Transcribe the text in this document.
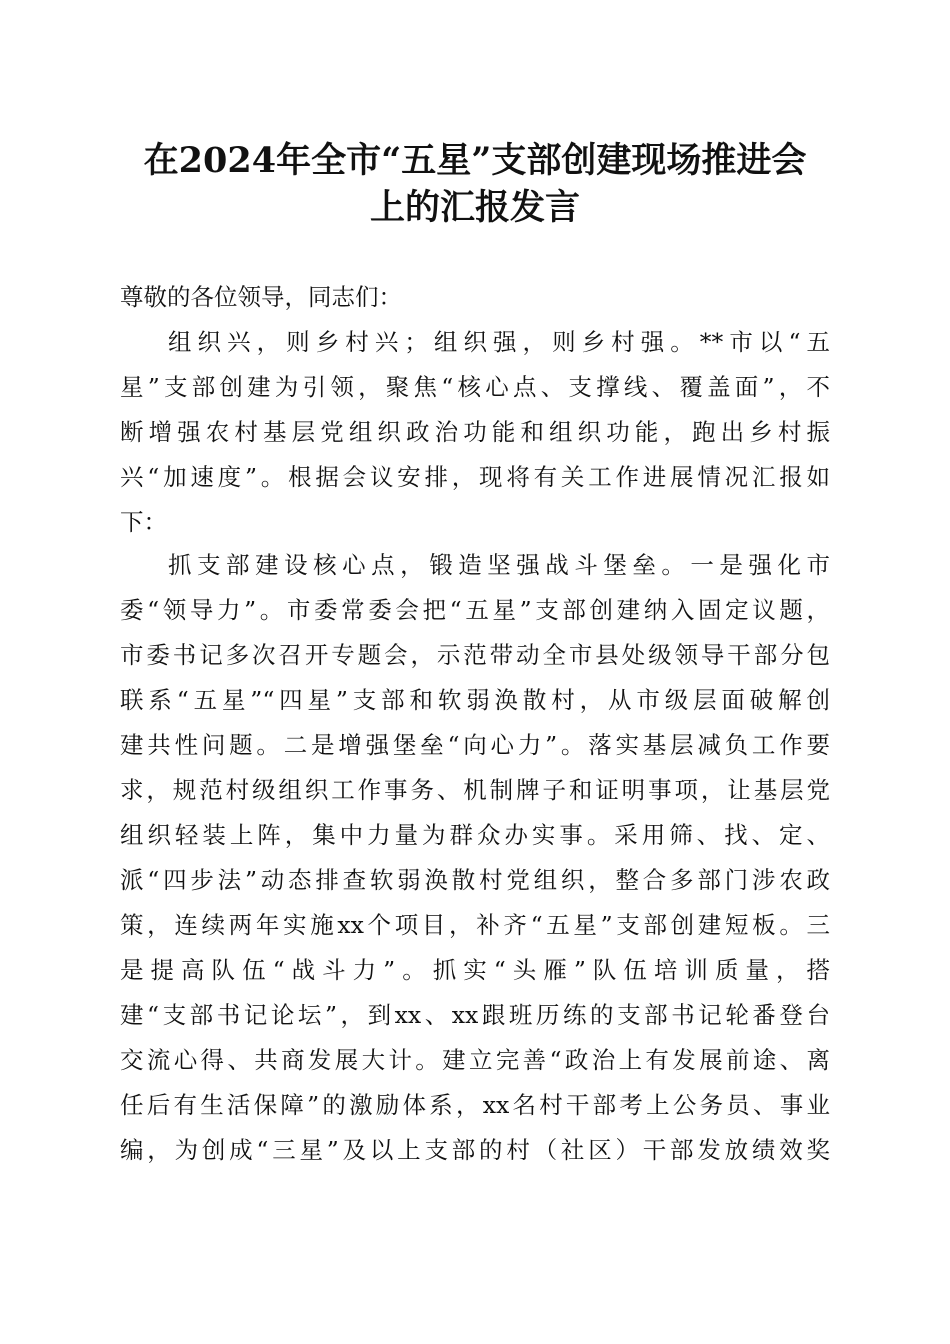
在2024年全市“五星”支部创建现场推进会
上的汇报发言
尊敬的各位领导，同志们：
组织兴，则乡村兴；组织强，则乡村强。**市以“五
星”支部创建为引领，聚焦“核心点、支撑线、覆盖面”，不
断增强农村基层党组织政治功能和组织功能，跑出乡村振
兴“加速度”。根据会议安排，现将有关工作进展情况汇报如
下：
抓支部建设核心点，锻造坚强战斗堡垒。一是强化市
委“领导力”。市委常委会把“五星”支部创建纳入固定议题，
市委书记多次召开专题会，示范带动全市县处级领导干部分包
联系“五星”“四星”支部和软弱涣散村，从市级层面破解创
建共性问题。二是增强堡垒“向心力”。落实基层减负工作要
求，规范村级组织工作事务、机制牌子和证明事项，让基层党
组织轻装上阵，集中力量为群众办实事。采用筛、找、定、
派“四步法”动态排查软弱涣散村党组织，整合多部门涉农政
策，连续两年实施xx个项目，补齐“五星”支部创建短板。三
是提高队伍“战斗力”。抓实“头雁”队伍培训质量，搭
建“支部书记论坛”，到xx、xx跟班历练的支部书记轮番登台
交流心得、共商发展大计。建立完善“政治上有发展前途、离
任后有生活保障”的激励体系，xx名村干部考上公务员、事业
编，为创成“三星”及以上支部的村（社区）干部发放绩效奖
